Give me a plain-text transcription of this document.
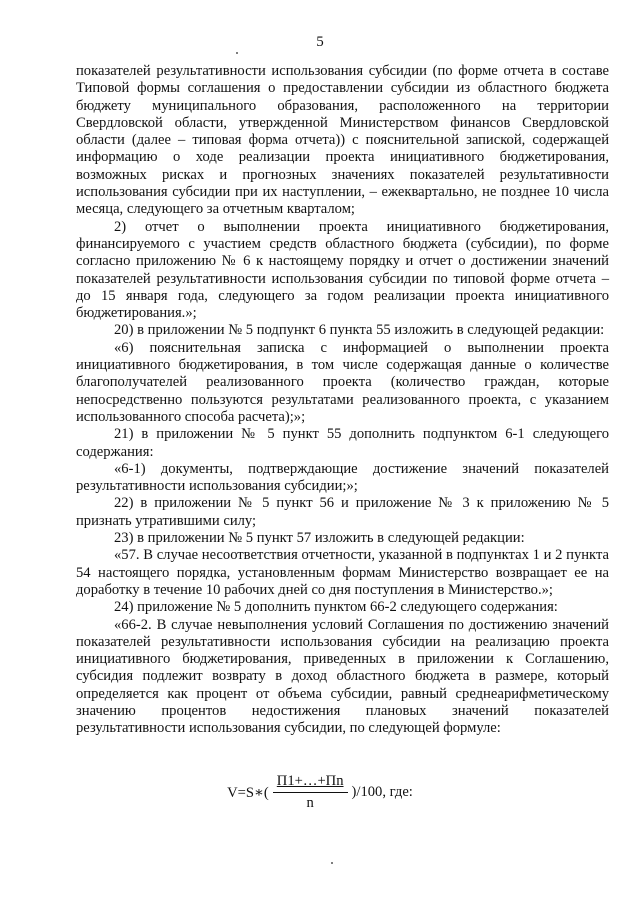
5

показателей результативности использования субсидии (по форме отчета в составе Типовой формы соглашения о предоставлении субсидии из областного бюджета бюджету муниципального образования, расположенного на территории Свердловской области, утвержденной Министерством финансов Свердловской области (далее – типовая форма отчета)) с пояснительной запиской, содержащей информацию о ходе реализации проекта инициативного бюджетирования, возможных рисках и прогнозных значениях показателей результативности использования субсидии при их наступлении, – ежеквартально, не позднее 10 числа месяца, следующего за отчетным кварталом;

2) отчет о выполнении проекта инициативного бюджетирования, финансируемого с участием средств областного бюджета (субсидии), по форме согласно приложению № 6 к настоящему порядку и отчет о достижении значений показателей результативности использования субсидии по типовой форме отчета – до 15 января года, следующего за годом реализации проекта инициативного бюджетирования.»;

20) в приложении № 5 подпункт 6 пункта 55 изложить в следующей редакции:

«6) пояснительная записка с информацией о выполнении проекта инициативного бюджетирования, в том числе содержащая данные о количестве благополучателей реализованного проекта (количество граждан, которые непосредственно пользуются результатами реализованного проекта, с указанием использованного способа расчета);»;

21) в приложении № 5 пункт 55 дополнить подпунктом 6-1 следующего содержания:

«6-1) документы, подтверждающие достижение значений показателей результативности использования субсидии;»;

22) в приложении № 5 пункт 56 и приложение № 3 к приложению № 5 признать утратившими силу;

23) в приложении № 5 пункт 57 изложить в следующей редакции:

«57. В случае несоответствия отчетности, указанной в подпунктах 1 и 2 пункта 54 настоящего порядка, установленным формам Министерство возвращает ее на доработку в течение 10 рабочих дней со дня поступления в Министерство.»;

24) приложение № 5 дополнить пунктом 66-2 следующего содержания:

«66-2. В случае невыполнения условий Соглашения по достижению значений показателей результативности использования субсидии на реализацию проекта инициативного бюджетирования, приведенных в приложении к Соглашению, субсидия подлежит возврату в доход областного бюджета в размере, который определяется как процент от объема субсидии, равный среднеарифметическому значению процентов недостижения плановых значений показателей результативности использования субсидии, по следующей формуле:

V=S∗( $\frac{П1+\dots+Пn}{n} )/100$, где:
